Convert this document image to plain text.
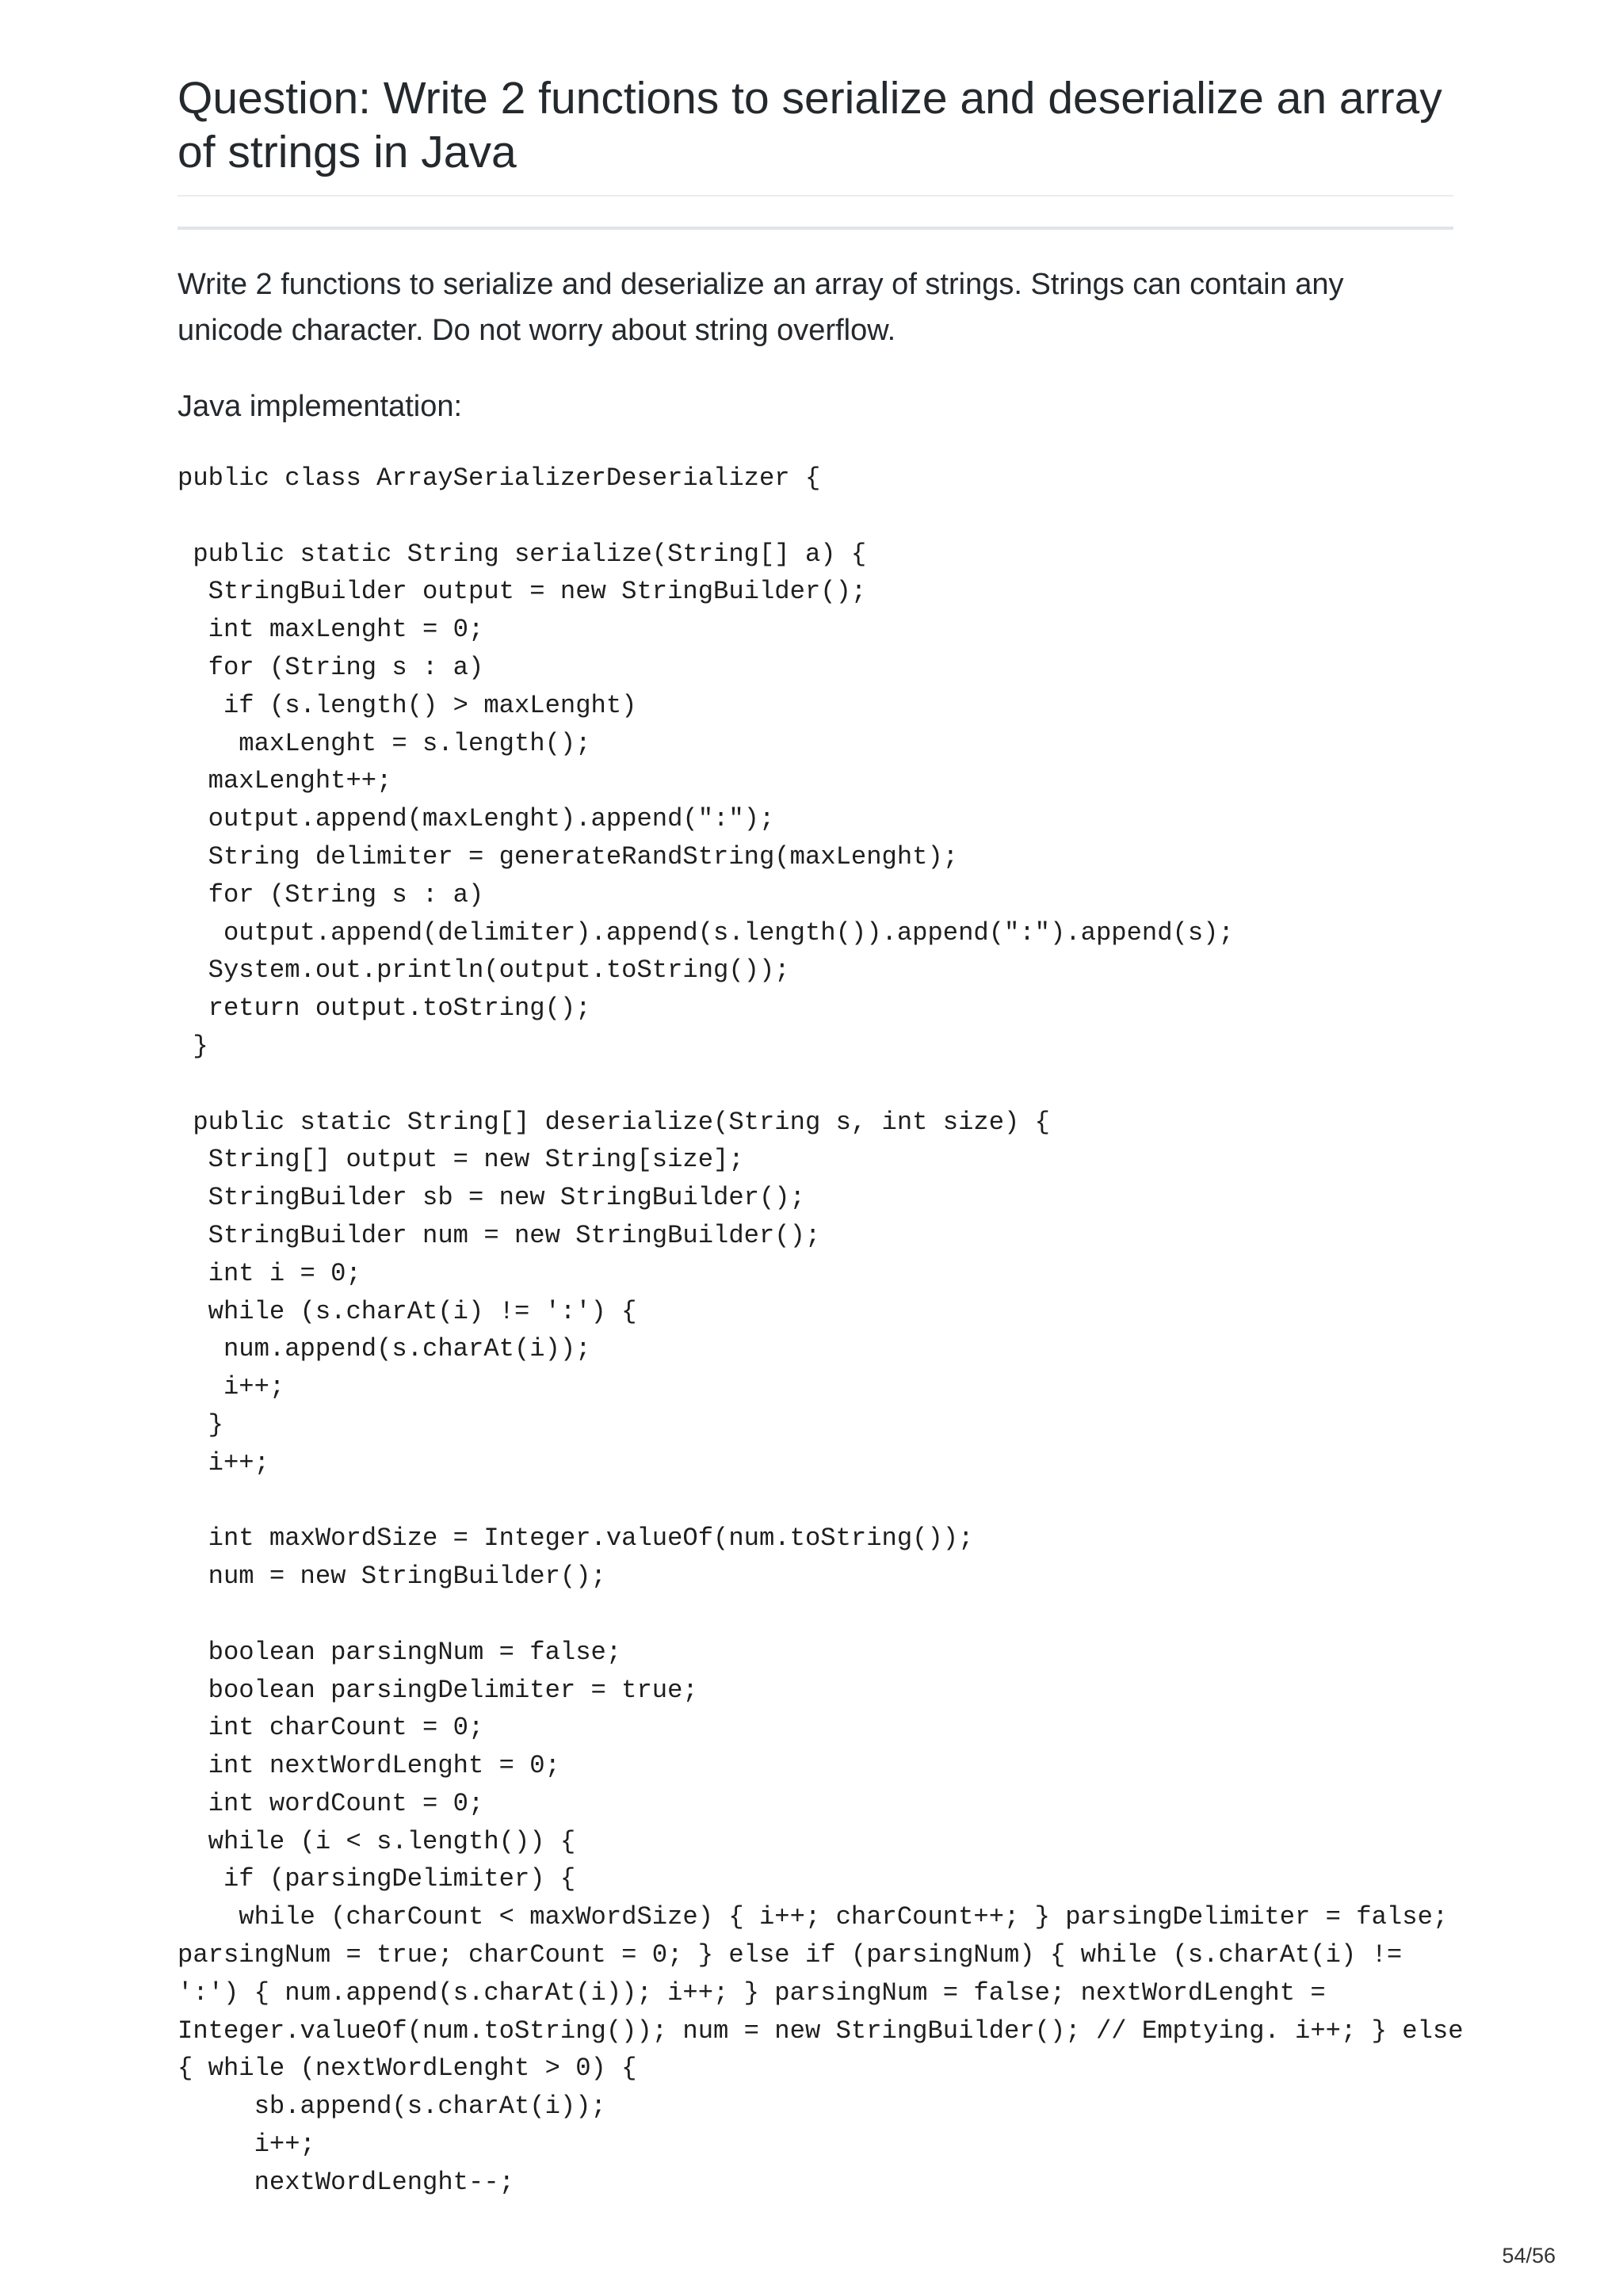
Question: Write 2 functions to serialize and deserialize an array of strings in Java

Write 2 functions to serialize and deserialize an array of strings. Strings can contain any unicode character. Do not worry about string overflow.

Java implementation:

public class ArraySerializerDeserializer {
public static String serialize(String[] a) {
StringBuilder output = new StringBuilder();
int maxLenght = 0;
for (String s : a)
if (s.length() > maxLenght)
maxLenght = s.length();
maxLenght++;
output.append(maxLenght).append(":");
String delimiter = generateRandString(maxLenght);
for (String s : a)
output.append(delimiter).append(s.length()).append(":").append(s);
System.out.println(output.toString());
return output.toString();
}
public static String[] deserialize(String s, int size) {
String[] output = new String[size];
StringBuilder sb = new StringBuilder();
StringBuilder num = new StringBuilder();
int i = 0;
while (s.charAt(i) != ':') {
num.append(s.charAt(i));
i++;
}
i++;
int maxWordSize = Integer.valueOf(num.toString());
num = new StringBuilder();
boolean parsingNum = false;
boolean parsingDelimiter = true;
int charCount = 0;
int nextWordLenght = 0;
int wordCount = 0;
while (i < s.length()) {
if (parsingDelimiter) {
while (charCount < maxWordSize) { i++; charCount++; } parsingDelimiter = false;
parsingNum = true; charCount = 0; } else if (parsingNum) { while (s.charAt(i) !=
':') { num.append(s.charAt(i)); i++; } parsingNum = false; nextWordLenght =
Integer.valueOf(num.toString()); num = new StringBuilder(); // Emptying. i++; } else
{ while (nextWordLenght > 0) {
sb.append(s.charAt(i));
i++;
nextWordLenght--;
54/56
